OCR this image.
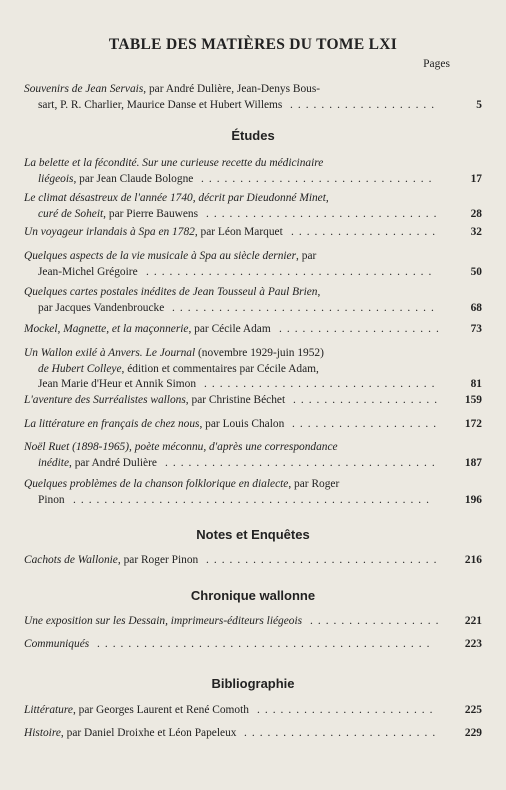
TABLE DES MATIÈRES DU TOME LXI
Pages
Études
Notes et Enquêtes
Chronique wallonne
Bibliographie
Souvenirs de Jean Servais, par André Dulière, Jean-Denys Bous-
sart, P. R. Charlier, Maurice Danse et Hubert Willems ...................	5
La belette et la fécondité. Sur une curieuse recette du médicinaire
liégeois, par Jean Claude Bologne ..............................	17
Le climat désastreux de l'année 1740, décrit par Dieudonné Minet,
curé de Soheit, par Pierre Bauwens ..............................	28
Un voyageur irlandais à Spa en 1782, par Léon Marquet ...................	32
Quelques aspects de la vie musicale à Spa au siècle dernier, par
Jean-Michel Grégoire .....................................	50
Quelques cartes postales inédites de Jean Tousseul à Paul Brien,
par Jacques Vandenbroucke ..................................	68
Mockel, Magnette, et la maçonnerie, par Cécile Adam ..................... 73
Un Wallon exilé à Anvers. Le Journal (novembre 1929-juin 1952)
de Hubert Colleye, édition et commentaires par Cécile Adam,
Jean Marie d'Heur et Annik Simon ..............................	81
L'aventure des Surréalistes wallons, par Christine Béchet ................... 159
La littérature en français de chez nous, par Louis Chalon ................... 172
Noël Ruet (1898-1965), poète méconnu, d'après une correspondance
inédite, par André Dulière ................................... 187
Quelques problèmes de la chanson folklorique en dialecte, par Roger
Pinon ..............................................	196
Cachots de Wallonie, par Roger Pinon .............................. 216
Une exposition sur les Dessain, imprimeurs-éditeurs liégeois ................. 221
Communiqués ...........................................	223
Littérature, par Georges Laurent et René Comoth ....................... 225
Histoire, par Daniel Droixhe et Léon Papeleux ......................... 229
